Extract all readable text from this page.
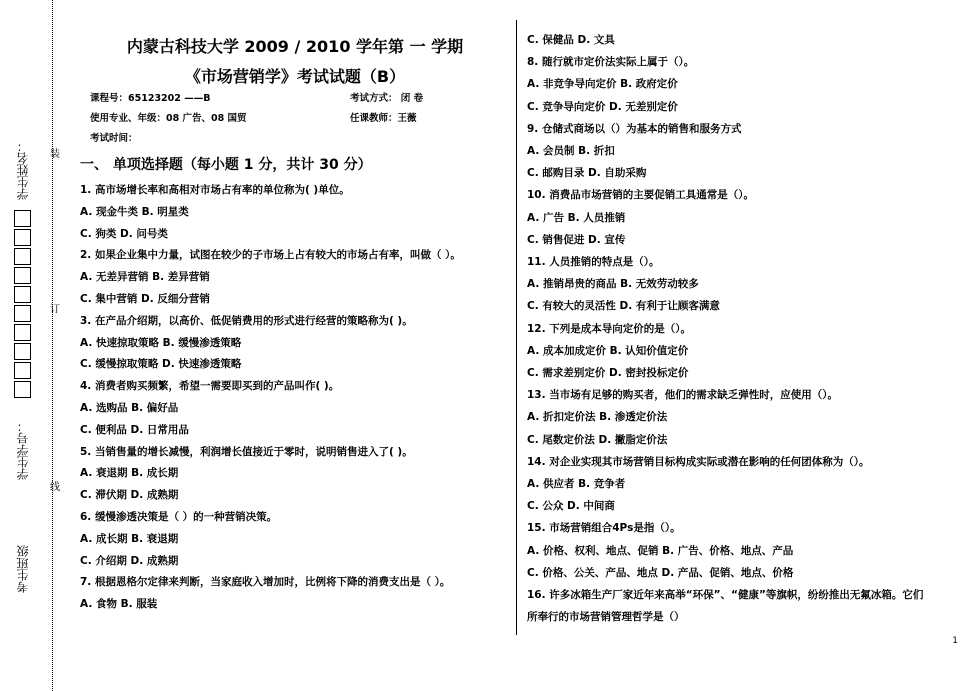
学生姓名：
学生学号：
考生班级
装
订
线
内蒙古科技大学 2009 / 2010 学年第 一 学期
《市场营销学》考试试题（B）
课程号：65123202 ——B	考试方式： 闭 卷
使用专业、年级：08 广告、08 国贸	任课教师：王薇
考试时间：
一、 单项选择题（每小题 1 分，共计 30 分）
1. 高市场增长率和高相对市场占有率的单位称为( )单位。
A. 现金牛类 B. 明星类
C. 狗类 D. 问号类
2. 如果企业集中力量，试图在较少的子市场上占有较大的市场占有率，叫做（ ）。
A. 无差异营销 B. 差异营销
C. 集中营销 D. 反细分营销
3. 在产品介绍期，以高价、低促销费用的形式进行经营的策略称为( )。
A. 快速掠取策略 B. 缓慢渗透策略
C. 缓慢掠取策略 D. 快速渗透策略
4. 消费者购买频繁，希望一需要即买到的产品叫作( )。
A. 选购品 B. 偏好品
C. 便利品 D. 日常用品
5. 当销售量的增长减慢，利润增长值接近于零时，说明销售进入了( )。
A. 衰退期 B. 成长期
C. 滞伏期 D. 成熟期
6. 缓慢渗透决策是（ ）的一种营销决策。
A. 成长期 B. 衰退期
C. 介绍期 D. 成熟期
7. 根据恩格尔定律来判断，当家庭收入增加时，比例将下降的消费支出是（ ）。
A. 食物 B. 服装
C. 保健品 D. 文具
8. 随行就市定价法实际上属于（）。
A. 非竞争导向定价 B. 政府定价
C. 竞争导向定价 D. 无差别定价
9. 仓储式商场以（）为基本的销售和服务方式
A. 会员制 B. 折扣
C. 邮购目录 D. 自助采购
10. 消费品市场营销的主要促销工具通常是（）。
A. 广告 B. 人员推销
C. 销售促进 D. 宣传
11. 人员推销的特点是（）。
A. 推销昂贵的商品 B. 无效劳动较多
C. 有较大的灵活性 D. 有利于让顾客满意
12. 下列是成本导向定价的是（）。
A. 成本加成定价 B. 认知价值定价
C. 需求差别定价 D. 密封投标定价
13. 当市场有足够的购买者，他们的需求缺乏弹性时，应使用（）。
A. 折扣定价法 B. 渗透定价法
C. 尾数定价法 D. 撇脂定价法
14. 对企业实现其市场营销目标构成实际或潜在影响的任何团体称为（）。
A. 供应者 B. 竞争者
C. 公众 D. 中间商
15. 市场营销组合4Ps是指（）。
A. 价格、权利、地点、促销 B. 广告、价格、地点、产品
C. 价格、公关、产品、地点 D. 产品、促销、地点、价格
16. 许多冰箱生产厂家近年来高举“环保”、“健康”等旗帜，纷纷推出无氟冰箱。它们
所奉行的市场营销管理哲学是（）
1
